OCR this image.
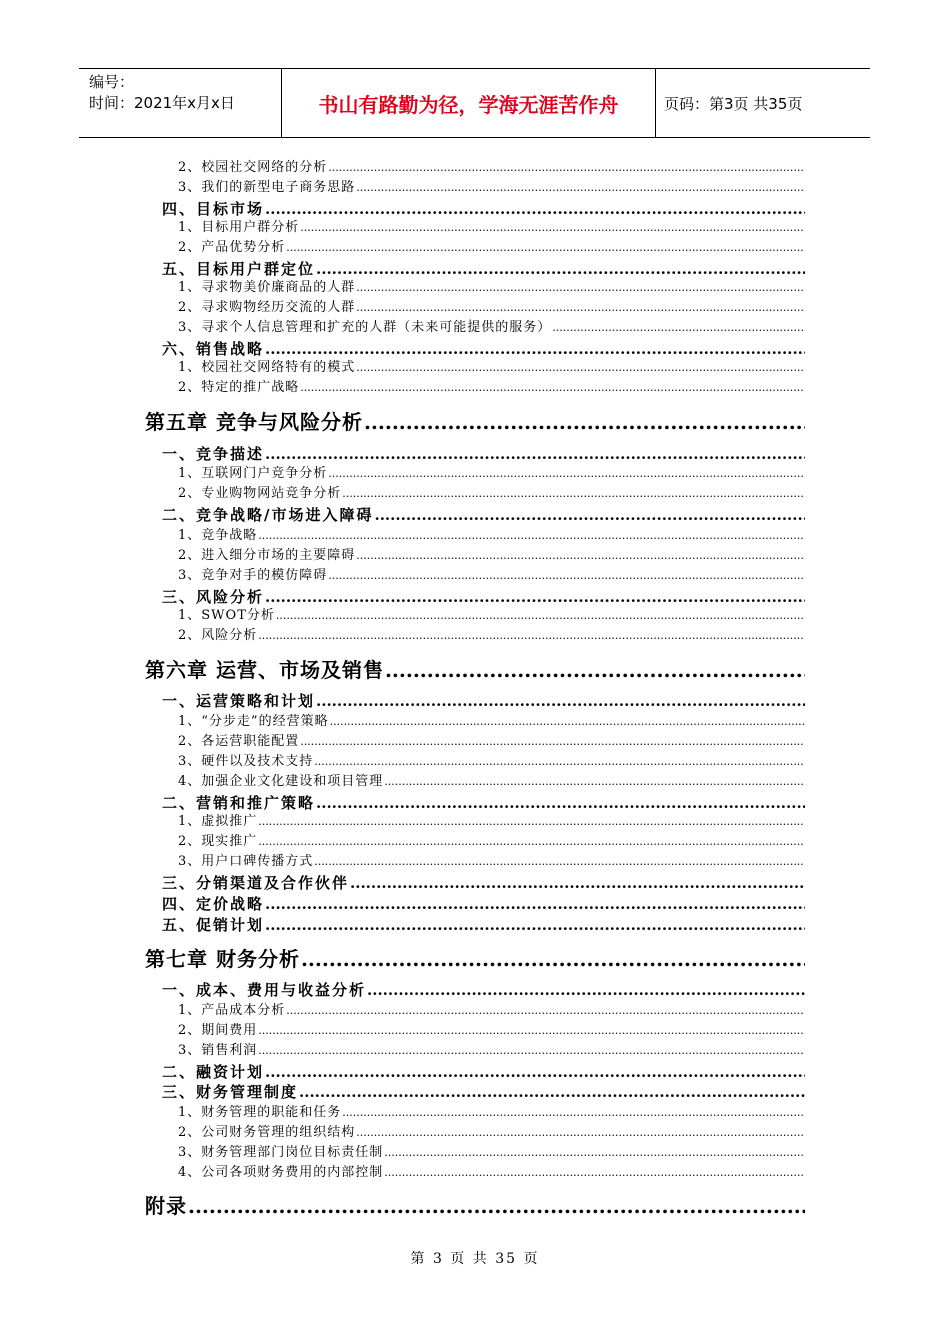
编号：
时间：2021年x月x日	书山有路勤为径，学海无涯苦作舟	页码：第3页 共35页
2、校园社交网络的分析
.....
3、我们的新型电子商务思路
.....
四、目标市场
.....
1、目标用户群分析
.....
2、产品优势分析
.....
五、目标用户群定位
.....
1、寻求物美价廉商品的人群
.....
2、寻求购物经历交流的人群
.....
3、寻求个人信息管理和扩充的人群（未来可能提供的服务）
.....
六、销售战略
.....
1、校园社交网络特有的模式
.....
2、特定的推广战略
.....
第五章 竞争与风险分析
.....
一、竞争描述
.....
1、互联网门户竞争分析
.....
2、专业购物网站竞争分析
.....
二、竞争战略/市场进入障碍
.....
1、竞争战略
.....
2、进入细分市场的主要障碍
.....
3、竞争对手的模仿障碍
.....
三、风险分析
.....
1、SWOT分析
.....
2、风险分析
.....
第六章 运营、市场及销售
.....
一、运营策略和计划
.....
1、“分步走”的经营策略
.....
2、各运营职能配置
.....
3、硬件以及技术支持
.....
4、加强企业文化建设和项目管理
.....
二、营销和推广策略
.....
1、虚拟推广
.....
2、现实推广
.....
3、用户口碑传播方式
.....
三、分销渠道及合作伙伴
.....
四、定价战略
.....
五、促销计划
.....
第七章 财务分析
.....
一、成本、费用与收益分析
.....
1、产品成本分析
.....
2、期间费用
.....
3、销售利润
.....
二、融资计划
.....
三、财务管理制度
.....
1、财务管理的职能和任务
.....
2、公司财务管理的组织结构
.....
3、财务管理部门岗位目标责任制
.....
4、公司各项财务费用的内部控制
.....
附录
.....
第 3 页 共 35 页
